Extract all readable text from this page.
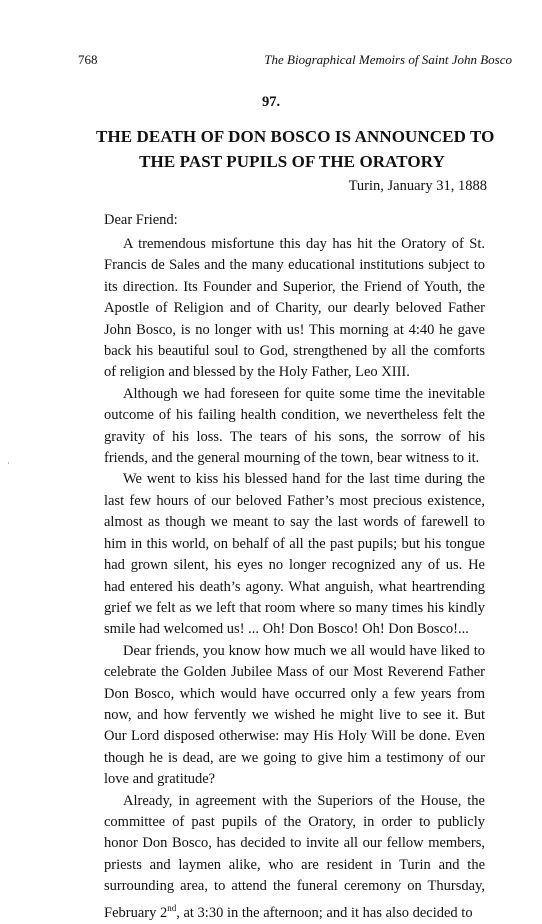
768	The Biographical Memoirs of Saint John Bosco
97.
THE DEATH OF DON BOSCO IS ANNOUNCED TO
THE PAST PUPILS OF THE ORATORY
Turin, January 31, 1888
Dear Friend:

A tremendous misfortune this day has hit the Oratory of St. Francis de Sales and the many educational institutions subject to its direction. Its Founder and Superior, the Friend of Youth, the Apostle of Religion and of Charity, our dearly beloved Father John Bosco, is no longer with us! This morning at 4:40 he gave back his beautiful soul to God, strengthened by all the comforts of religion and blessed by the Holy Father, Leo XIII.

Although we had foreseen for quite some time the inevitable outcome of his failing health condition, we nevertheless felt the gravity of his loss. The tears of his sons, the sorrow of his friends, and the general mourning of the town, bear witness to it.

We went to kiss his blessed hand for the last time during the last few hours of our beloved Father’s most precious existence, almost as though we meant to say the last words of farewell to him in this world, on behalf of all the past pupils; but his tongue had grown silent, his eyes no longer recognized any of us. He had entered his death’s agony. What anguish, what heartrending grief we felt as we left that room where so many times his kindly smile had welcomed us! ... Oh! Don Bosco! Oh! Don Bosco!...

Dear friends, you know how much we all would have liked to celebrate the Golden Jubilee Mass of our Most Reverend Father Don Bosco, which would have occurred only a few years from now, and how fervently we wished he might live to see it. But Our Lord disposed otherwise: may His Holy Will be done. Even though he is dead, are we going to give him a testimony of our love and gratitude?

Already, in agreement with the Superiors of the House, the committee of past pupils of the Oratory, in order to publicly honor Don Bosco, has decided to invite all our fellow members, priests and laymen alike, who are resident in Turin and the surrounding area, to attend the funeral ceremony on Thursday, February 2nd, at 3:30 in the afternoon; and it has also decided to
